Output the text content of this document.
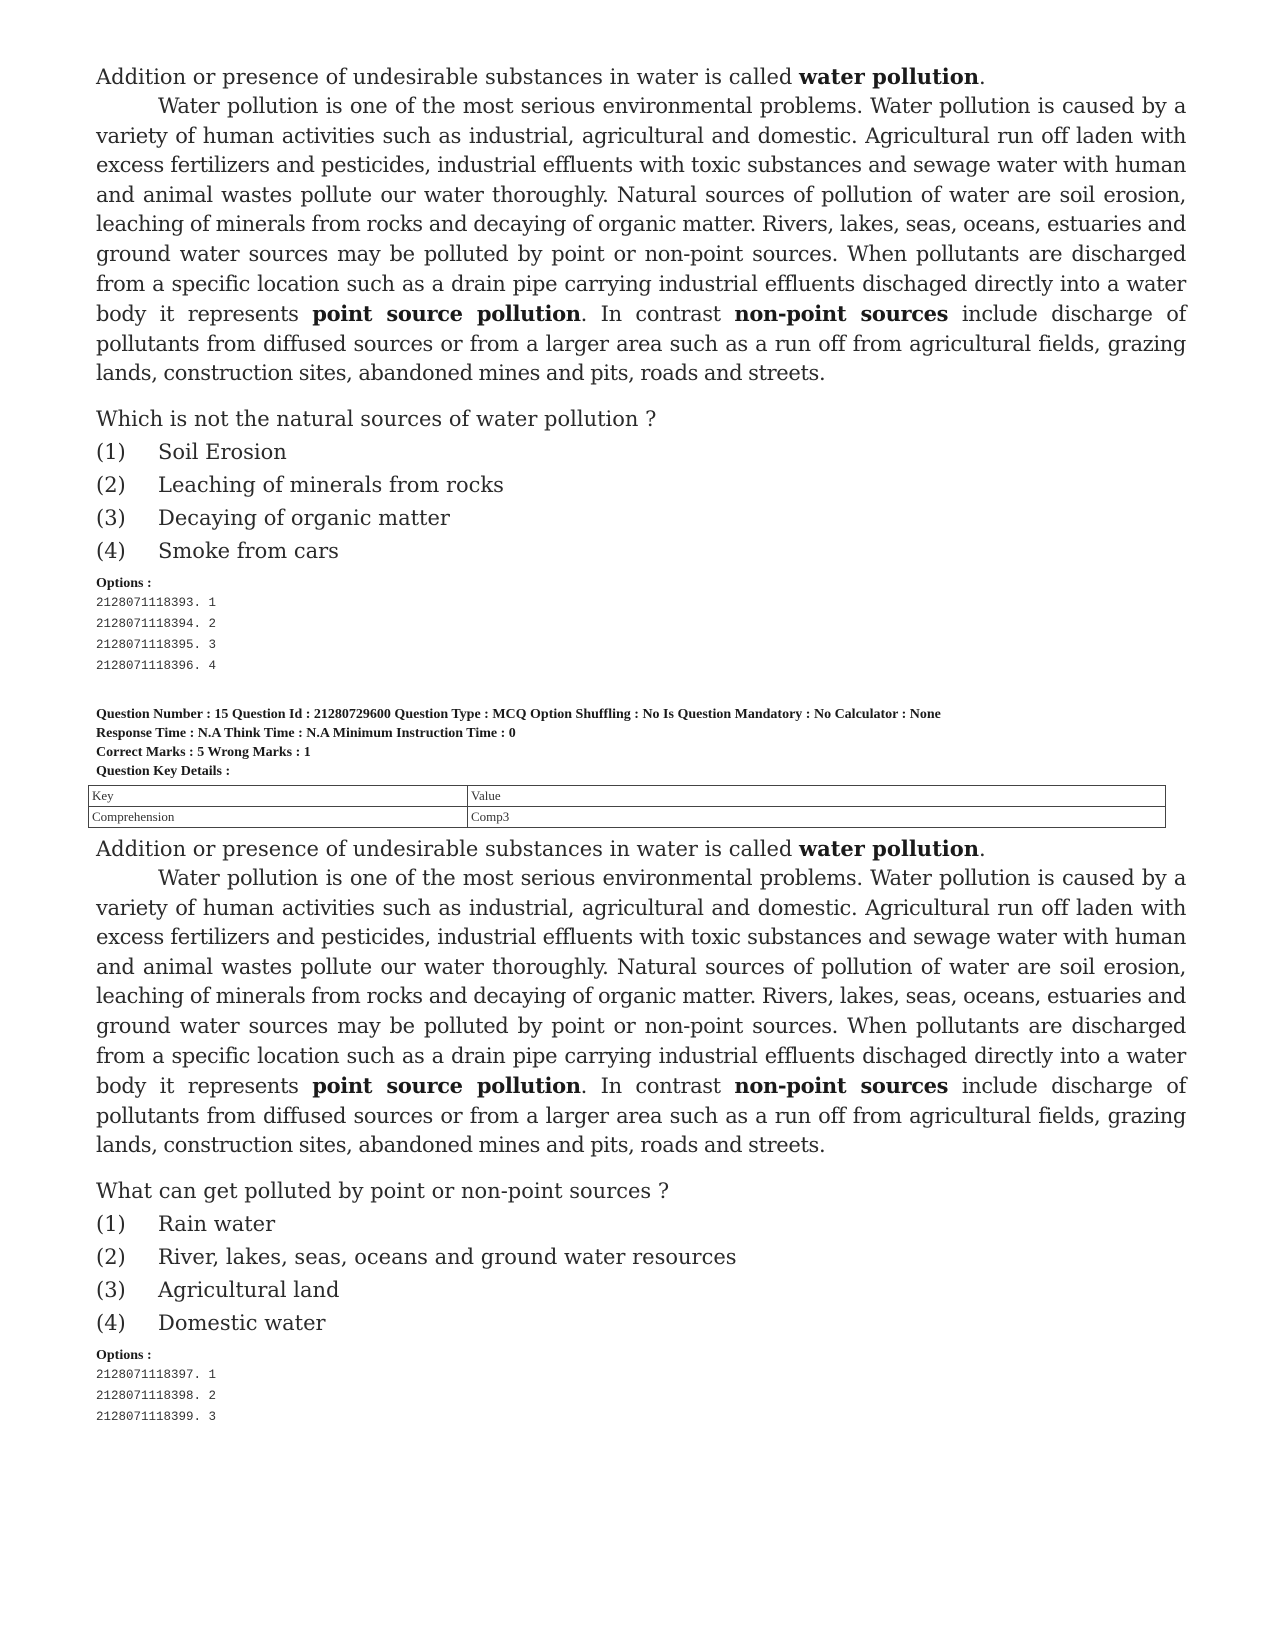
Addition or presence of undesirable substances in water is called water pollution.

Water pollution is one of the most serious environmental problems. Water pollution is caused by a variety of human activities such as industrial, agricultural and domestic. Agricultural run off laden with excess fertilizers and pesticides, industrial effluents with toxic substances and sewage water with human and animal wastes pollute our water thoroughly. Natural sources of pollution of water are soil erosion, leaching of minerals from rocks and decaying of organic matter. Rivers, lakes, seas, oceans, estuaries and ground water sources may be polluted by point or non-point sources. When pollutants are discharged from a specific location such as a drain pipe carrying industrial effluents dischaged directly into a water body it represents point source pollution. In contrast non-point sources include discharge of pollutants from diffused sources or from a larger area such as a run off from agricultural fields, grazing lands, construction sites, abandoned mines and pits, roads and streets.

Which is not the natural sources of water pollution ?

(1)	Soil Erosion
(2)	Leaching of minerals from rocks
(3)	Decaying of organic matter
(4)	Smoke from cars
Options :
2128071118393. 1
2128071118394. 2
2128071118395. 3
2128071118396. 4
Question Number : 15 Question Id : 21280729600 Question Type : MCQ Option Shuffling : No Is Question Mandatory : No Calculator : None
Response Time : N.A Think Time : N.A Minimum Instruction Time : 0
Correct Marks : 5 Wrong Marks : 1
Question Key Details :
Key	Value
Comprehension	Comp3

Addition or presence of undesirable substances in water is called water pollution.

Water pollution is one of the most serious environmental problems. Water pollution is caused by a variety of human activities such as industrial, agricultural and domestic. Agricultural run off laden with excess fertilizers and pesticides, industrial effluents with toxic substances and sewage water with human and animal wastes pollute our water thoroughly. Natural sources of pollution of water are soil erosion, leaching of minerals from rocks and decaying of organic matter. Rivers, lakes, seas, oceans, estuaries and ground water sources may be polluted by point or non-point sources. When pollutants are discharged from a specific location such as a drain pipe carrying industrial effluents dischaged directly into a water body it represents point source pollution. In contrast non-point sources include discharge of pollutants from diffused sources or from a larger area such as a run off from agricultural fields, grazing lands, construction sites, abandoned mines and pits, roads and streets.

What can get polluted by point or non-point sources ?

(1)	Rain water
(2)	River, lakes, seas, oceans and ground water resources
(3)	Agricultural land
(4)	Domestic water
Options :
2128071118397. 1
2128071118398. 2
2128071118399. 3
